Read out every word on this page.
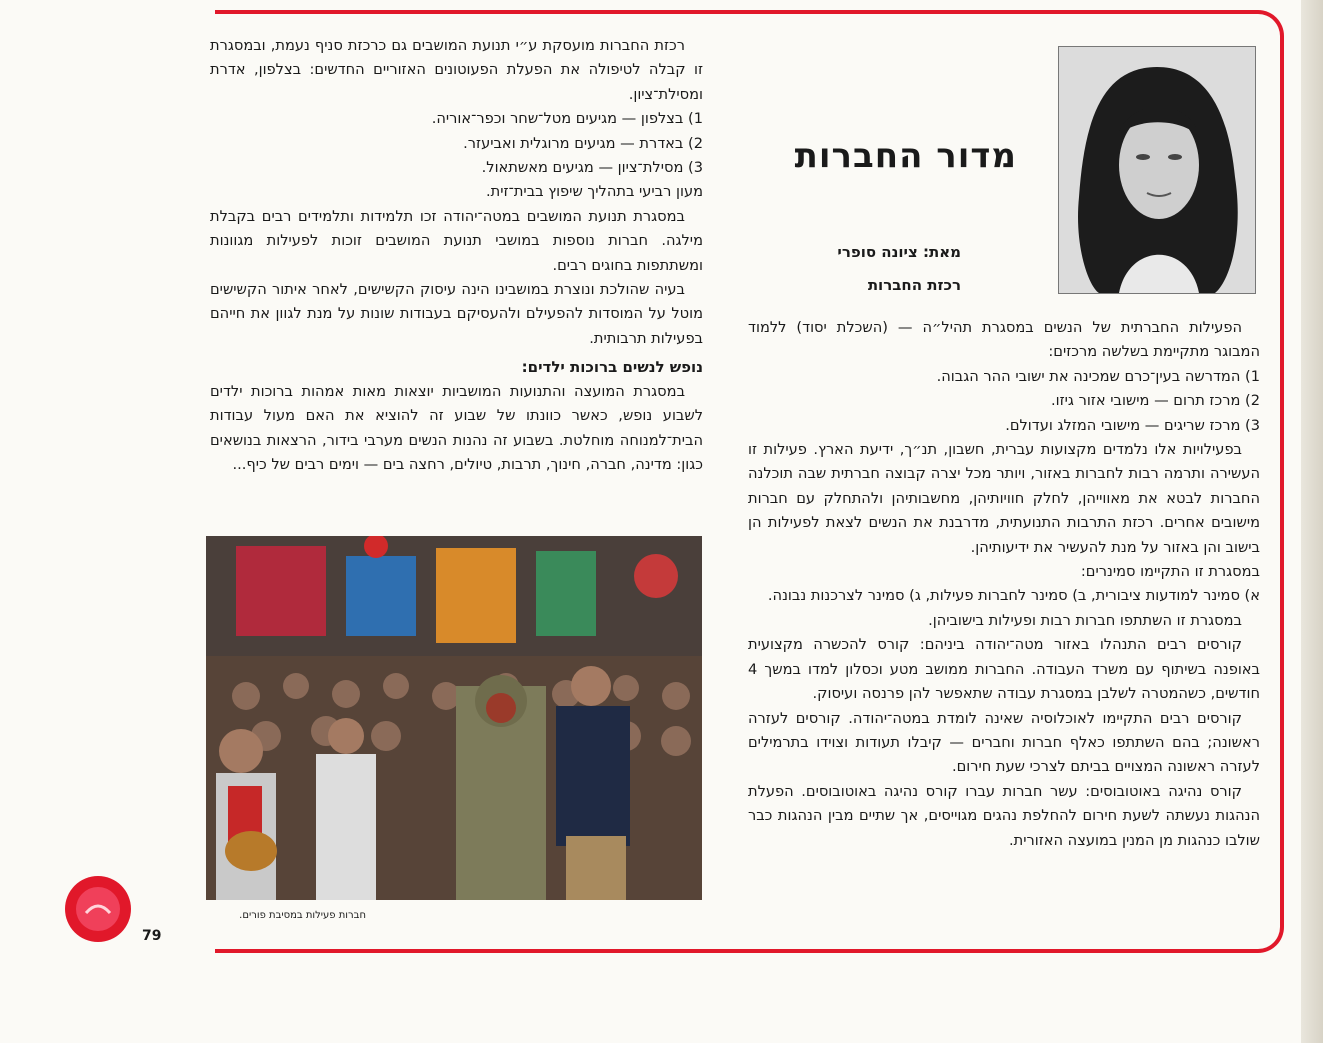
מדור החברות
מאת: ציונה סופרי
רכזת החברות

רכזת החברות מועסקת ע״י תנועת המושבים גם כרכזת סניף נעמת, ובמסגרת זו קבלה לטיפולה את הפעלת הפעוטונים האזוריים החדשים: בצלפון, אדרת ומסילת־ציון.

1) בצלפון — מגיעים מטל־שחר וכפר־אוריה.

2) באדרת — מגיעים מרוגלית ואביעזר.

3) מסילת־ציון — מגיעים מאשתאול.

מעון רביעי בתהליך שיפוץ בבית־זית.

במסגרת תנועת המושבים במטה־יהודה זכו תלמידות ותלמידים רבים בקבלת מילגה. חברות נוספות במושבי תנועת המושבים זוכות לפעילות מגוונות ומשתתפות בחוגים רבים.

בעיה שהולכת ונוצרת במושבינו הינה עיסוק הקשישים, לאחר איתור הקשישים מוטל על המוסדות להפעילם ולהעסיקם בעבודות שונות על מנת לגוון את חייהם בפעילות תרבותית.

נופש לנשים ברוכות ילדים:

במסגרת המועצה והתנועות המושביות יוצאות מאות אמהות ברוכות ילדים לשבוע נופש, כאשר כוונתו של שבוע זה להוציא את האם מעול עבודות הבית־למנוחה מוחלטת. בשבוע זה נהנות הנשים מערבי בידור, הרצאות בנושאים כגון: מדינה, חברה, חינוך, תרבות, טיולים, רחצה בים — וימים רבים של כיף...

חברות פעילות במסיבת פורים.

הפעילות החברתית של הנשים במסגרת תהיל״ה — (השכלת יסוד) ללמוד המבוגר מתקיימת בשלשה מרכזים:

1) המדרשה בעין־כרם שמכינה את ישובי ההר הגבוה.

2) מרכז תרום — מישובי אזור גיזו.

3) מרכז שריגים — מישובי המזלג ועדולם.

בפעילויות אלו נלמדים מקצועות עברית, חשבון, תנ״ך, ידיעת הארץ. פעילות זו העשירה ותרמה רבות לחברות באזור, ויותר מכל יצרה קבוצה חברתית שבה תוכלנה החברות לבטא את מאווייהן, לחלק חוויותיהן, מחשבותיהן ולהתחלק עם חברות מישובים אחרים. רכזת התרבות התנועתית, מדרבנת את הנשים לצאת לפעילות הן בישוב והן באזור על מנת להעשיר את ידיעותיהן.

במסגרת זו התקיימו סמינרים:

א) סמינר למודעות ציבורית, ב) סמינר לחברות פעילות, ג) סמינר לצרכנות נבונה.

במסגרת זו השתתפו חברות רבות ופעילות בישוביהן.

קורסים רבים התנהלו באזור מטה־יהודה ביניהם: קורס להכשרה מקצועית באופנה בשיתוף עם משרד העבודה. החברות ממושב מטע וכסלון למדו במשך 4 חודשים, כשהמטרה לשלבן במסגרת עבודה שתאפשר להן פרנסה ועיסוק.

קורסים רבים התקיימו לאוכלוסיה שאינה לומדת במטה־יהודה. קורסים לעזרה ראשונה; בהם השתתפו כאלף חברות וחברים — קיבלו תעודות וצוידו בתרמילים לעזרה ראשונה המצויים בביתם לצרכי שעת חירום.

קורס נהיגה באוטובוסים: עשר חברות עברו קורס נהיגה באוטובוסים. הפעלת הנהגות נעשתה לשעת חירום להחלפת נהגים מגוייסים, אך שתיים מבין הנהגות כבר שולבו כנהגות מן המנין במועצה האזורית.

79
